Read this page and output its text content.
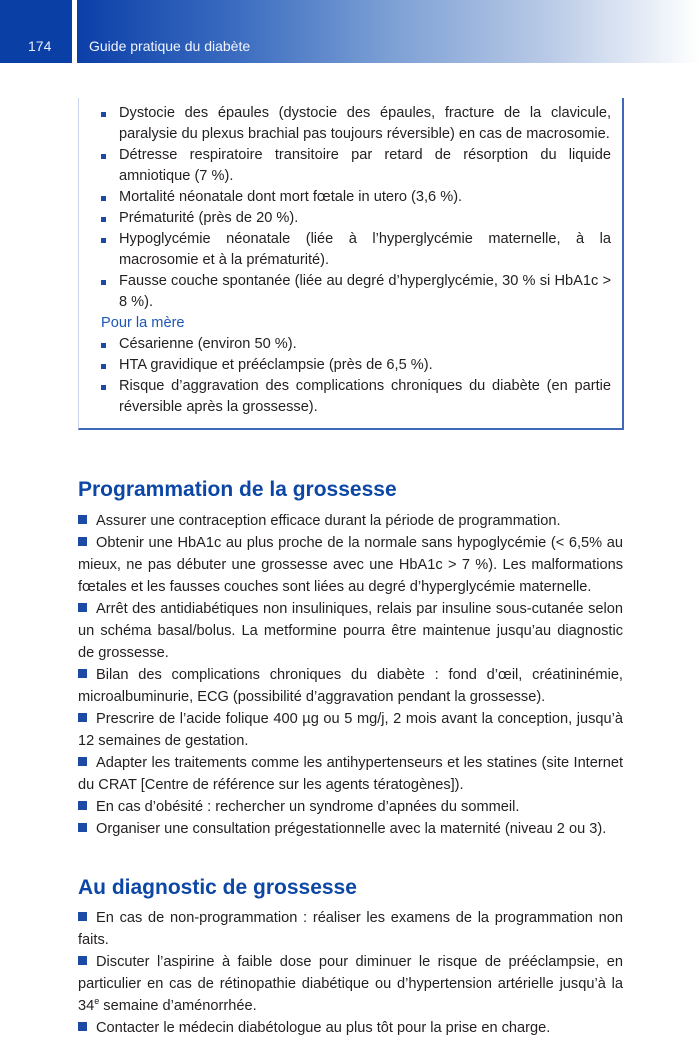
174	Guide pratique du diabète
Dystocie des épaules (dystocie des épaules, fracture de la clavicule, paralysie du plexus brachial pas toujours réversible) en cas de macrosomie.
Détresse respiratoire transitoire par retard de résorption du liquide amniotique (7 %).
Mortalité néonatale dont mort fœtale in utero (3,6 %).
Prématurité (près de 20 %).
Hypoglycémie néonatale (liée à l’hyperglycémie maternelle, à la macrosomie et à la prématurité).
Fausse couche spontanée (liée au degré d’hyperglycémie, 30 % si HbA1c > 8 %).
Pour la mère
Césarienne (environ 50 %).
HTA gravidique et prééclampsie (près de 6,5 %).
Risque d’aggravation des complications chroniques du diabète (en partie réversible après la grossesse).
Programmation de la grossesse

Assurer une contraception efficace durant la période de programmation.

Obtenir une HbA1c au plus proche de la normale sans hypoglycémie (< 6,5% au mieux, ne pas débuter une grossesse avec une HbA1c > 7 %). Les malformations fœtales et les fausses couches sont liées au degré d’hyperglycémie maternelle.

Arrêt des antidiabétiques non insuliniques, relais par insuline sous-cutanée selon un schéma basal/bolus. La metformine pourra être maintenue jusqu’au diagnostic de grossesse.

Bilan des complications chroniques du diabète : fond d’œil, créatininémie, microalbuminurie, ECG (possibilité d’aggravation pendant la grossesse).

Prescrire de l’acide folique 400 µg ou 5 mg/j, 2 mois avant la conception, jusqu’à 12 semaines de gestation.

Adapter les traitements comme les antihypertenseurs et les statines (site Internet du CRAT [Centre de référence sur les agents tératogènes]).

En cas d’obésité : rechercher un syndrome d’apnées du sommeil.

Organiser une consultation prégestationnelle avec la maternité (niveau 2 ou 3).

Au diagnostic de grossesse

En cas de non-programmation : réaliser les examens de la programmation non faits.

Discuter l’aspirine à faible dose pour diminuer le risque de prééclampsie, en particulier en cas de rétinopathie diabétique ou d’hypertension artérielle jusqu’à la 34e semaine d’aménorrhée.

Contacter le médecin diabétologue au plus tôt pour la prise en charge.
